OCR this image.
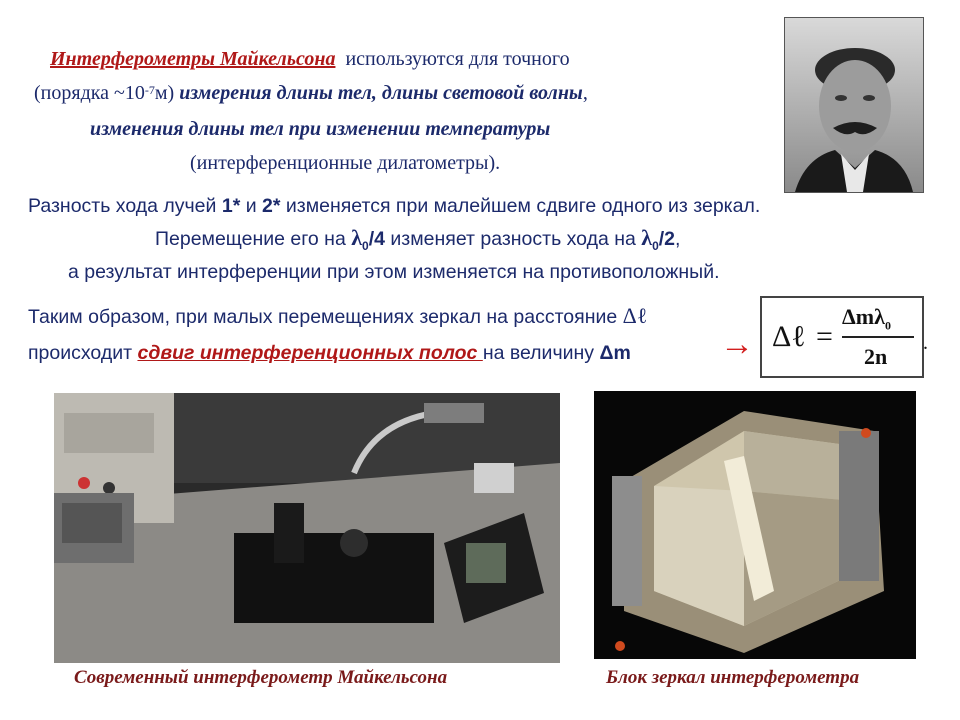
Интерферометры Майкельсона  используются для точного
(порядка $\sim 10^{-7}м$) измерения длины тел, длины световой волны,
изменения длины тел при изменении температуры
(интерференционные дилатометры).
Разность хода лучей 1* и 2* изменяется при малейшем сдвиге одного из зеркал.
Перемещение его на $\lambda_0/4$ изменяет разность хода на $\lambda_0/2$,
а результат интерференции при этом изменяется на противоположный.
Таким образом, при малых перемещениях зеркал на расстояние Δℓ
происходит сдвиг интерференционных полос на величину Δm	→ Δℓ =
Δmλ$_0$
2n
.
Современный интерферометр Майкельсона	Блок зеркал интерферометра
